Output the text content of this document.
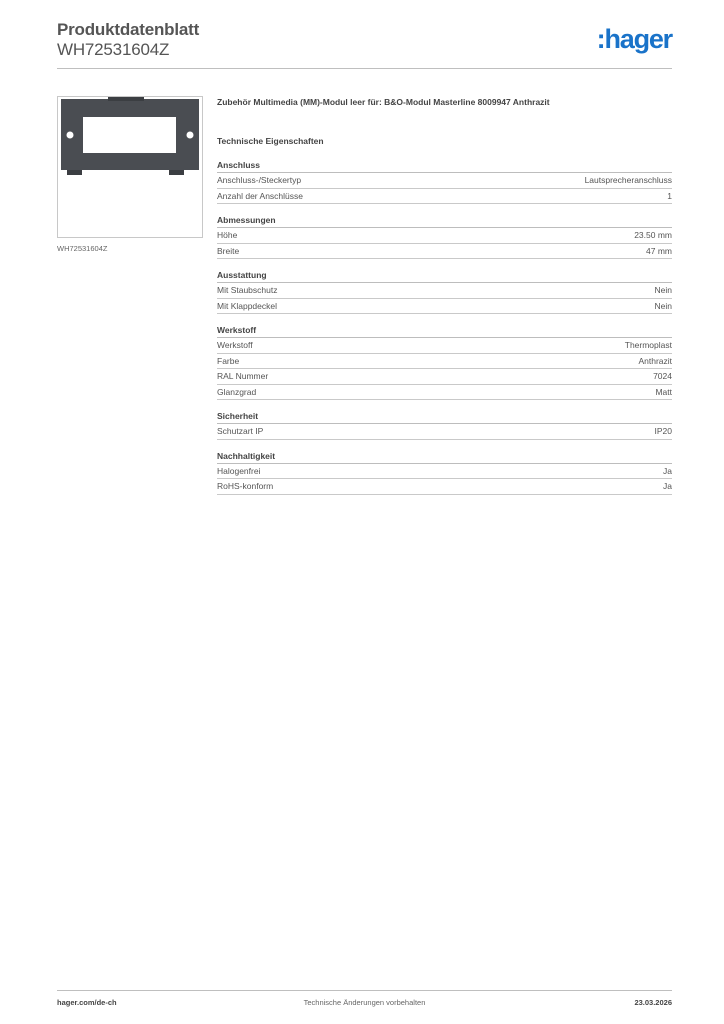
Produktdatenblatt
WH72531604Z	:hager
WH72531604Z

Zubehör Multimedia (MM)-Modul leer für: B&O-Modul Masterline 8009947 Anthrazit

Technische Eigenschaften
Anschluss
Anschluss-/Steckertyp	Lautsprecheranschluss
Anzahl der Anschlüsse	1
Abmessungen
Höhe	23.50 mm
Breite	47 mm
Ausstattung
Mit Staubschutz	Nein
Mit Klappdeckel	Nein
Werkstoff
Werkstoff	Thermoplast
Farbe	Anthrazit
RAL Nummer	7024
Glanzgrad	Matt
Sicherheit
Schutzart IP	IP20
Nachhaltigkeit
Halogenfrei	Ja
RoHS-konform	Ja
hager.com/de-ch	Technische Änderungen vorbehalten	23.03.2026
